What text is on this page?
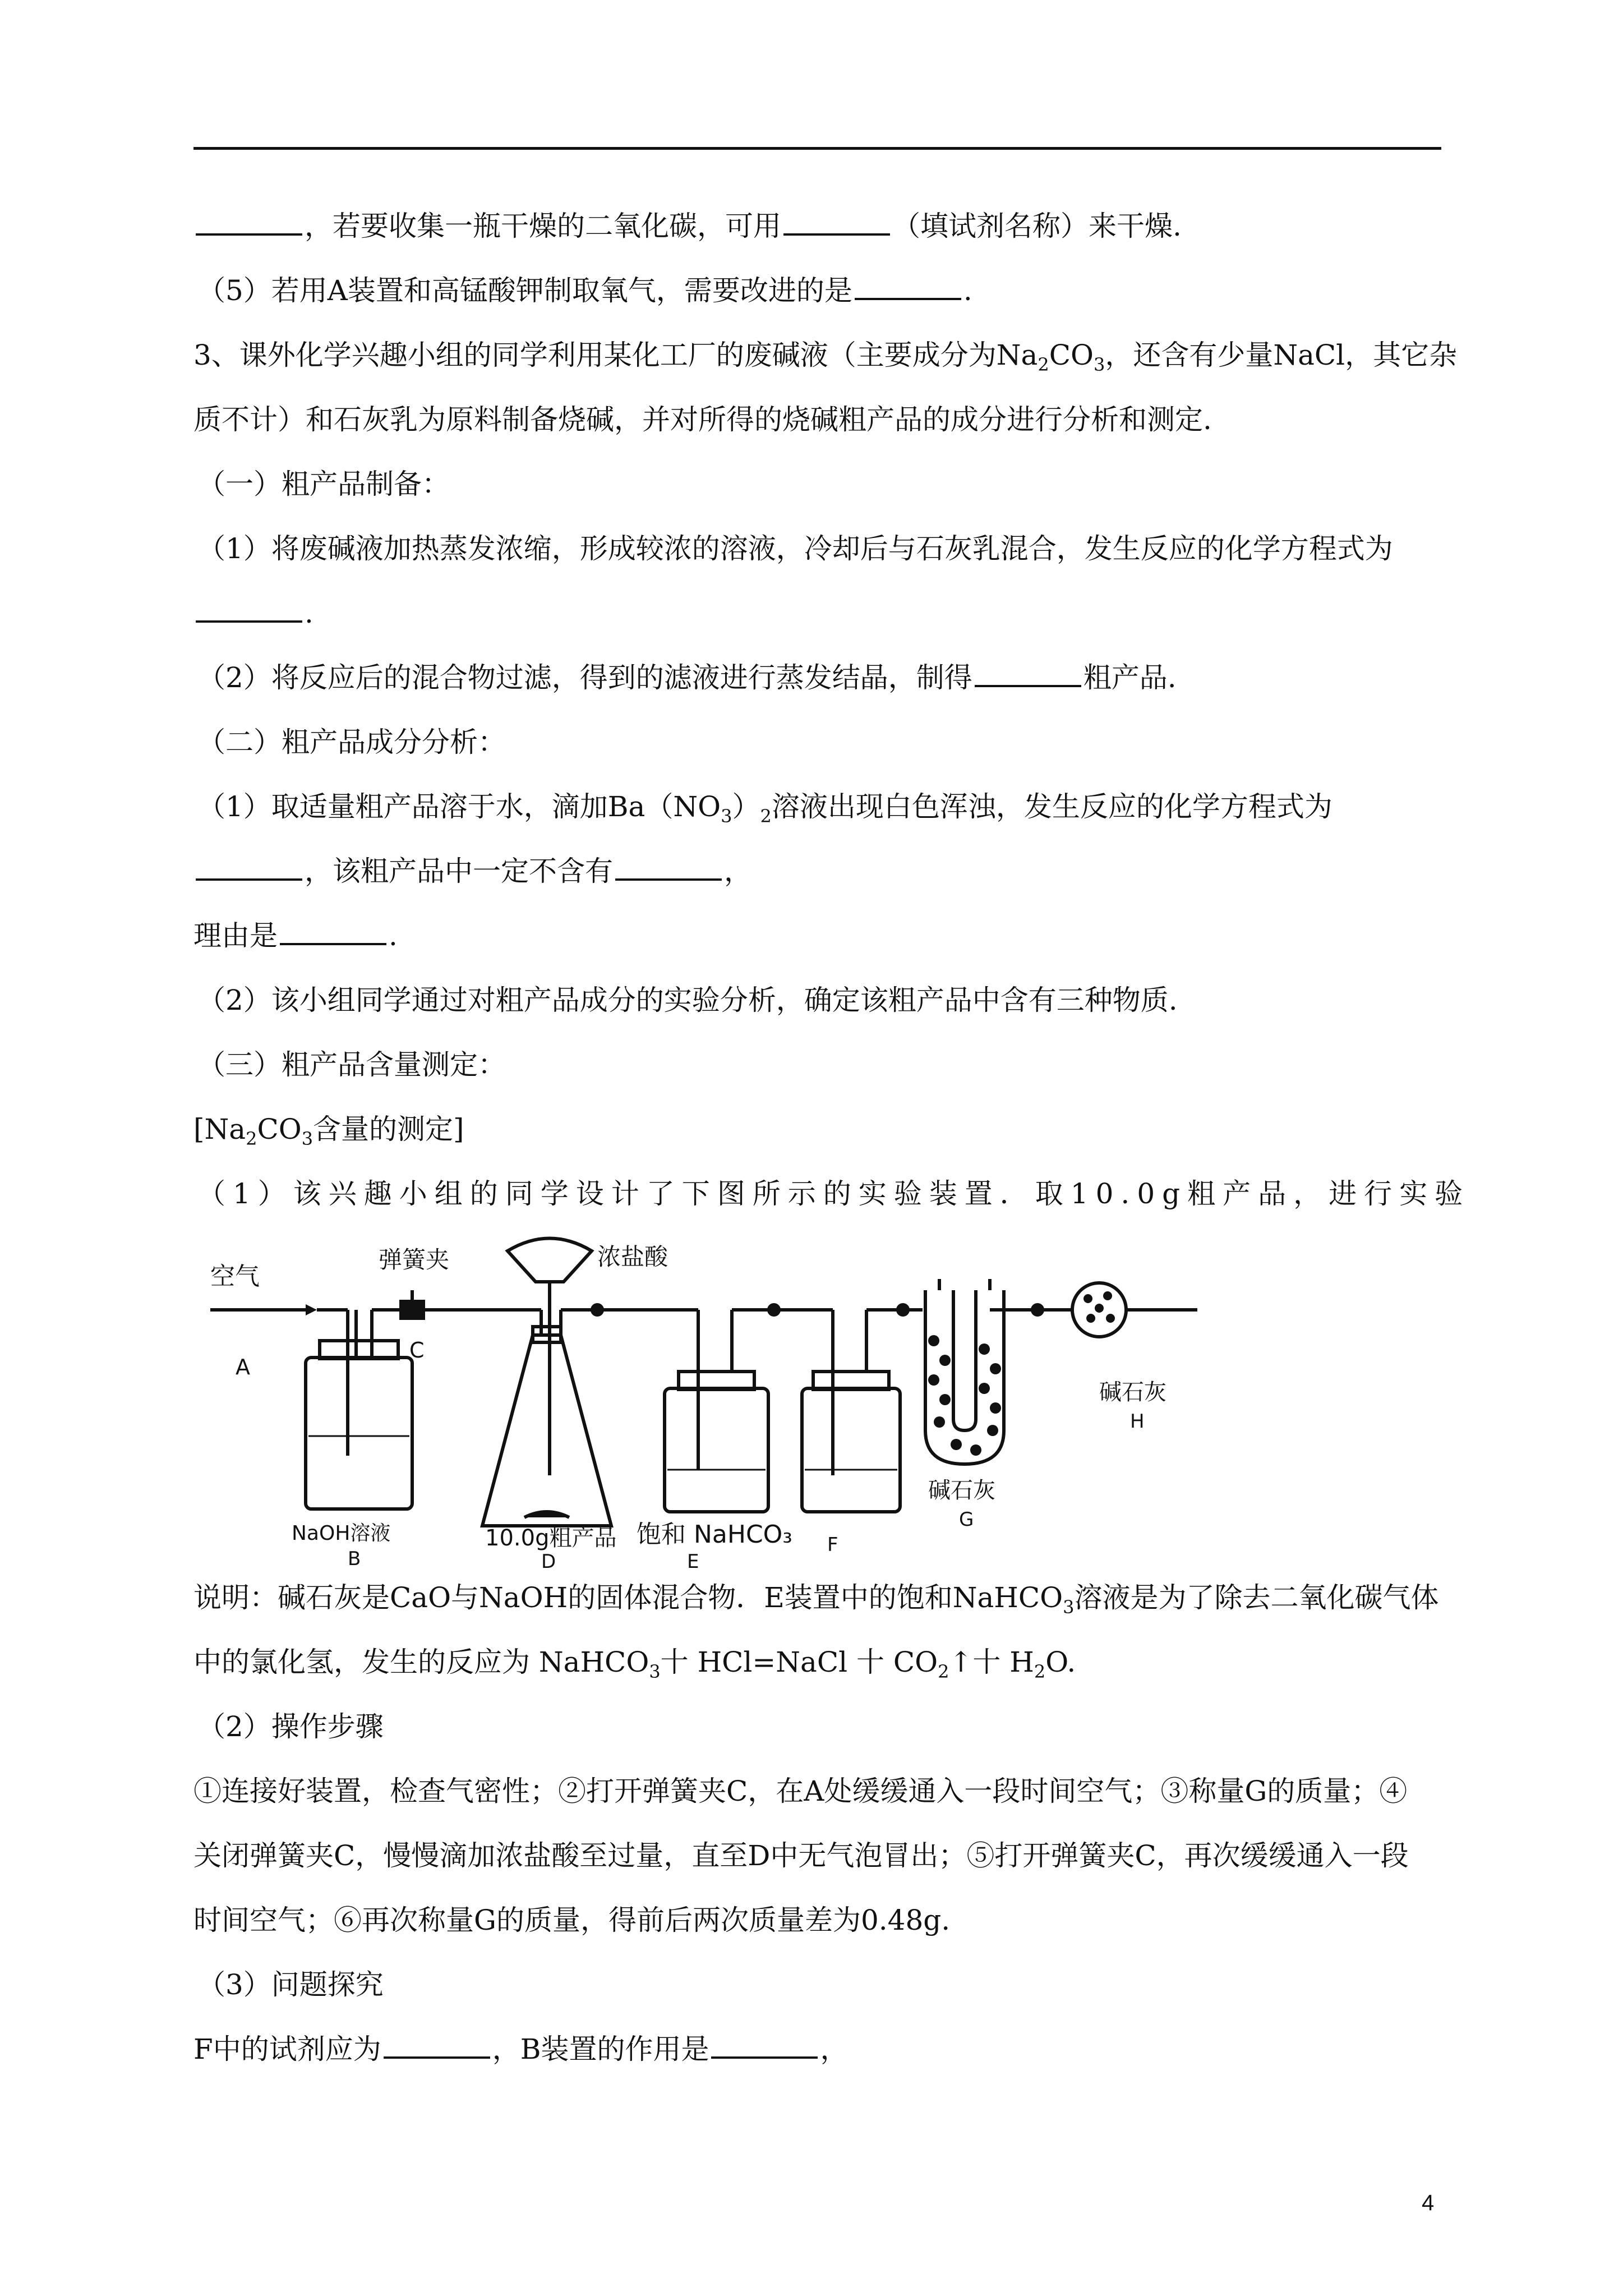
，若要收集一瓶干燥的二氧化碳，可用	（填试剂名称）来干燥.
（5）若用A装置和高锰酸钾制取氧气，需要改进的是	.
3、课外化学兴趣小组的同学利用某化工厂的废碱液（主要成分为$Na_2CO_3$，还含有少量NaCl，其它杂
质不计）和石灰乳为原料制备烧碱，并对所得的烧碱粗产品的成分进行分析和测定.
（一）粗产品制备：
（1）将废碱液加热蒸发浓缩，形成较浓的溶液，冷却后与石灰乳混合，发生反应的化学方程式为
.
（2）将反应后的混合物过滤，得到的滤液进行蒸发结晶，制得	粗产品.
（二）粗产品成分分析：
（1）取适量粗产品溶于水，滴加$Ba(NO_3)_2$溶液出现白色浑浊，发生反应的化学方程式为
，该粗产品中一定不含有	，
理由是	.
（2）该小组同学通过对粗产品成分的实验分析，确定该粗产品中含有三种物质.
（三）粗产品含量测定：
[$Na_2CO_3$含量的测定]
（1）该兴趣小组的同学设计了下图所示的实验装置．取10.0g粗产品，进行实验
空气
A
弹簧夹
C
浓盐酸
NaOH溶液
B
10.0g粗产品
D
饱和 NaHCO₃
E
F
碱石灰
G
碱石灰
H
说明：碱石灰是CaO与NaOH的固体混合物．E装置中的饱和NaHCO$_3$溶液是为了除去二氧化碳气体
中的氯化氢，发生的反应为 NaHCO$_3$十 HCl=NaCl 十 $CO_2↑$十 $H_2O$.
（2）操作步骤
①连接好装置，检查气密性；②打开弹簧夹C，在A处缓缓通入一段时间空气；③称量G的质量；④
关闭弹簧夹C，慢慢滴加浓盐酸至过量，直至D中无气泡冒出；⑤打开弹簧夹C，再次缓缓通入一段
时间空气；⑥再次称量G的质量，得前后两次质量差为0.48g.
（3）问题探究
F中的试剂应为	，B装置的作用是	，
4
